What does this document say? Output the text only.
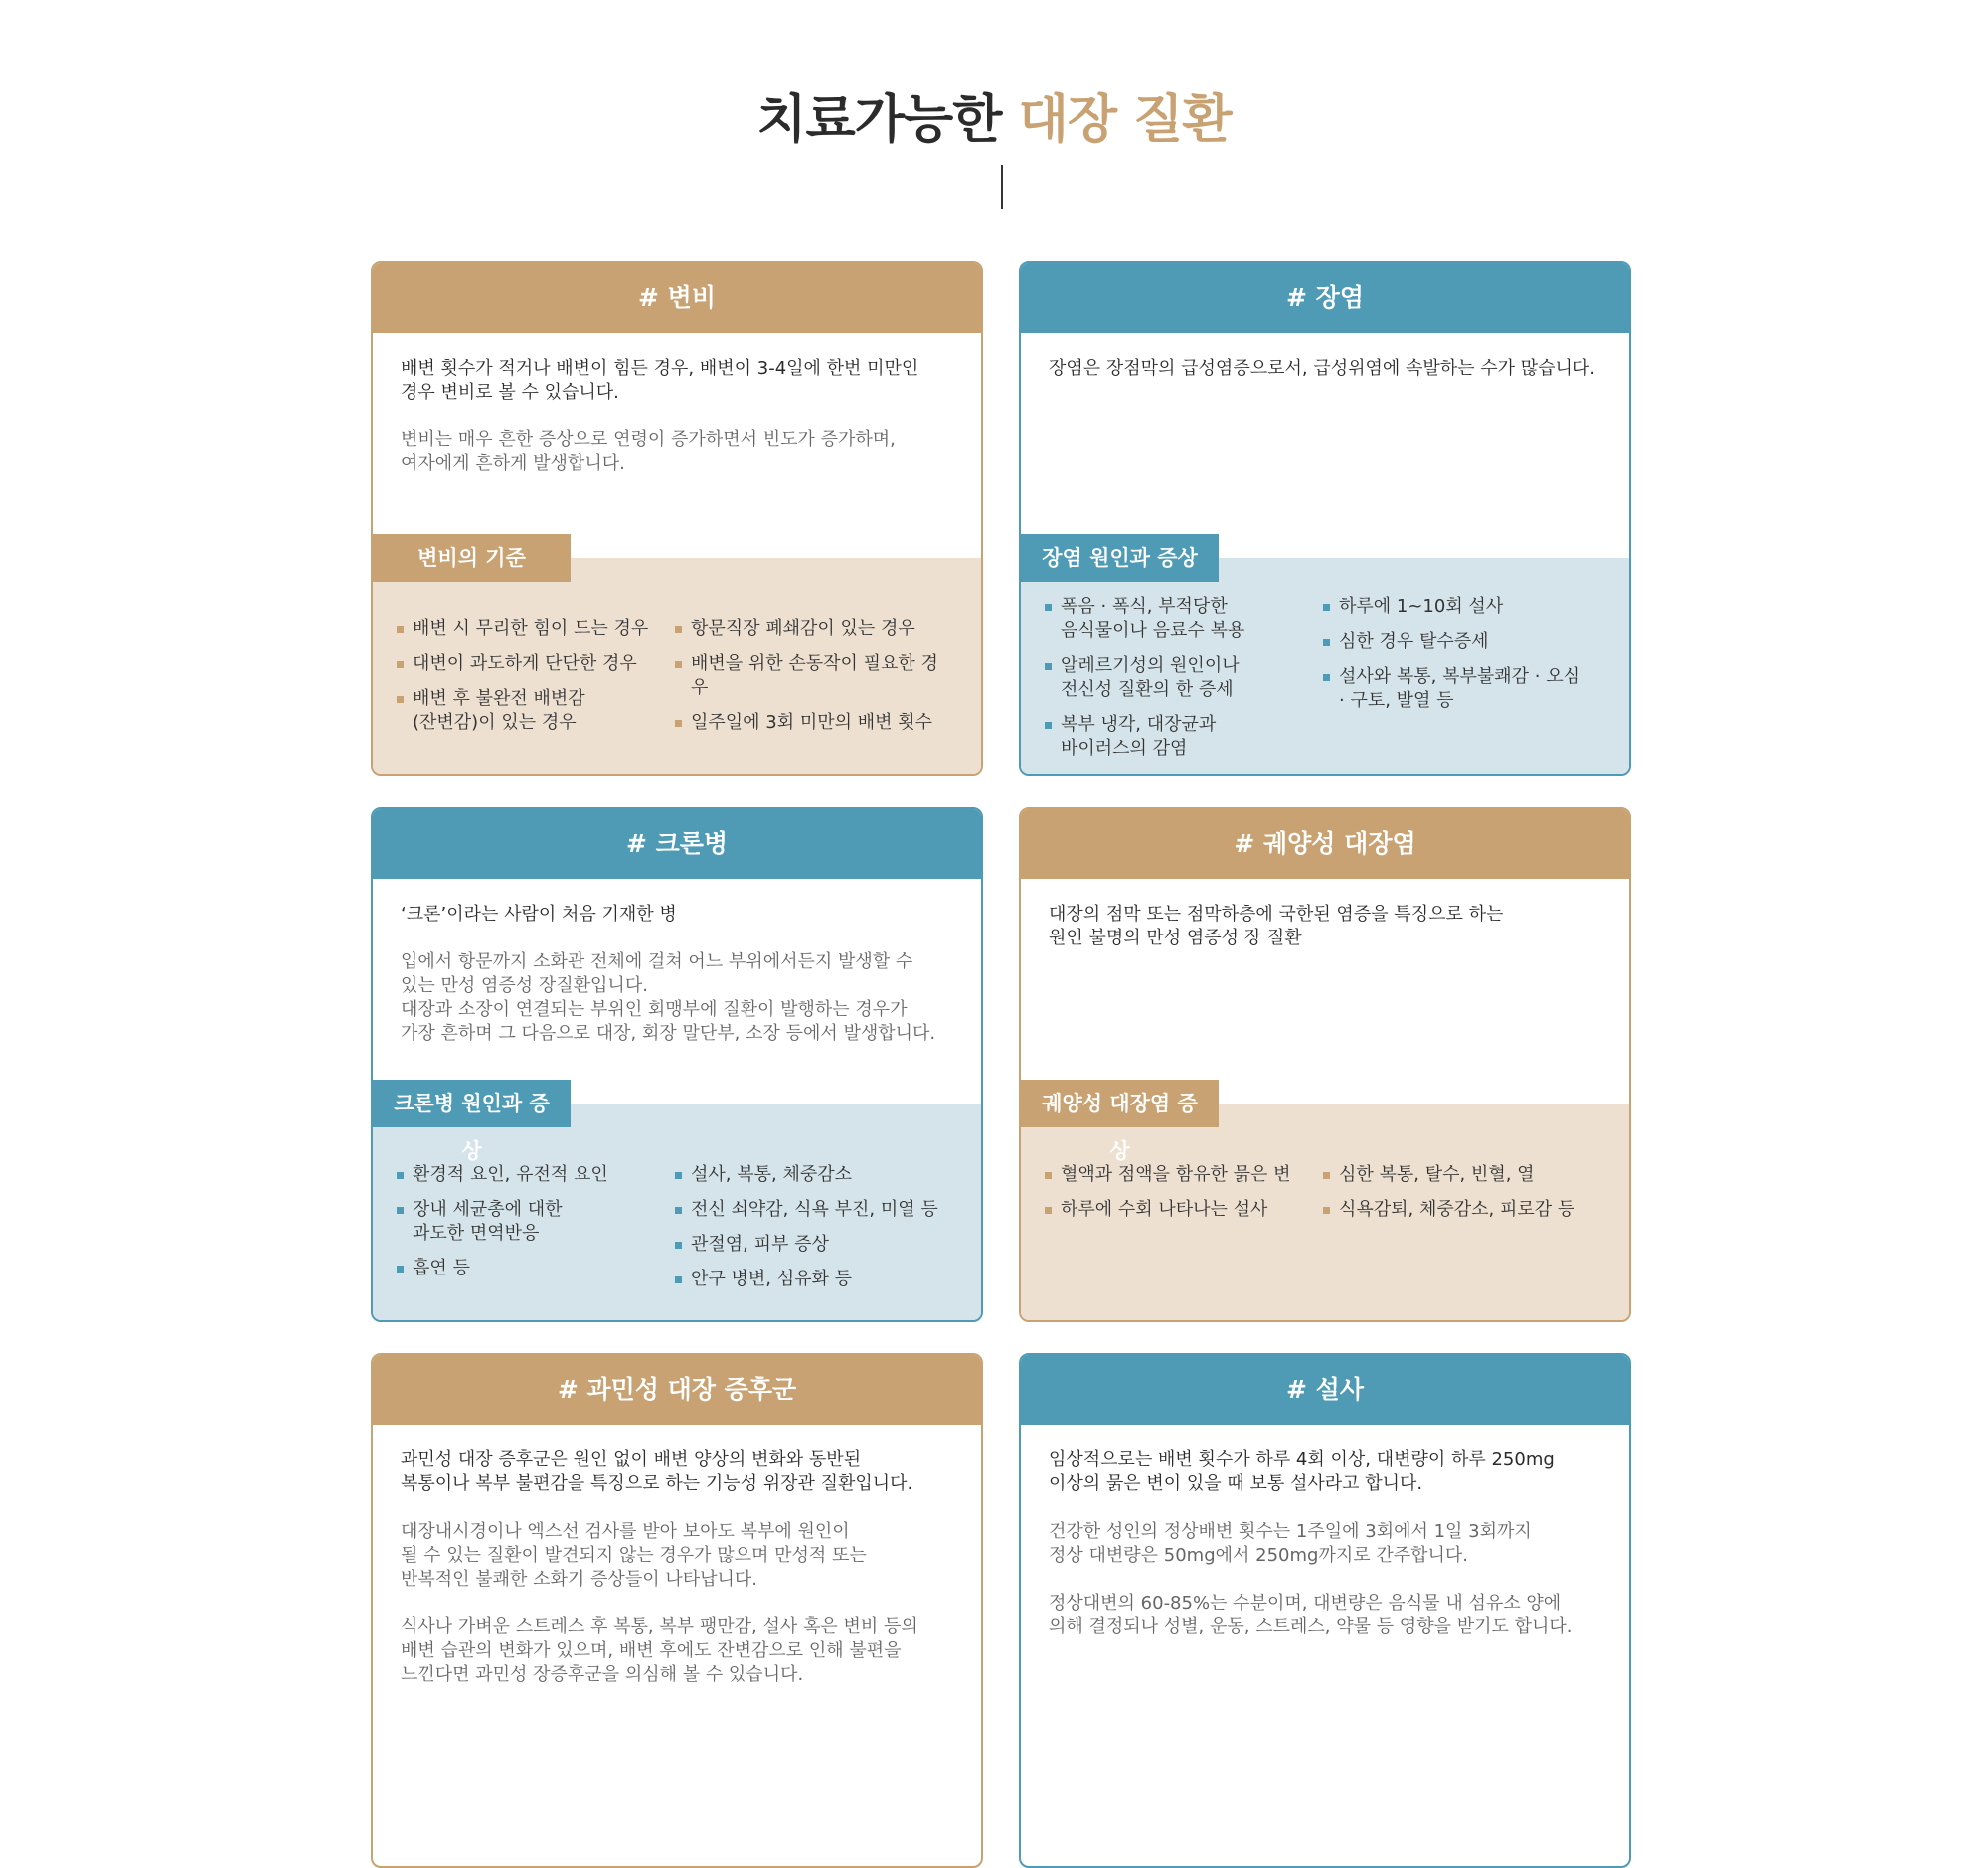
치료가능한 대장 질환
# 변비

배변 횟수가 적거나 배변이 힘든 경우, 배변이 3-4일에 한번 미만인
경우 변비로 볼 수 있습니다.

변비는 매우 흔한 증상으로 연령이 증가하면서 빈도가 증가하며,
여자에게 흔하게 발생합니다.

변비의 기준
배변 시 무리한 힘이 드는 경우
대변이 과도하게 단단한 경우
배변 후 불완전 배변감
(잔변감)이 있는 경우
항문직장 폐쇄감이 있는 경우
배변을 위한 손동작이 필요한 경우
일주일에 3회 미만의 배변 횟수
# 장염

장염은 장점막의 급성염증으로서, 급성위염에 속발하는 수가 많습니다.

장염 원인과 증상
폭음 · 폭식, 부적당한
음식물이나 음료수 복용
알레르기성의 원인이나
전신성 질환의 한 증세
복부 냉각, 대장균과
바이러스의 감염
하루에 1~10회 설사
심한 경우 탈수증세
설사와 복통, 복부불쾌감 · 오심
· 구토, 발열 등
# 크론병

‘크론’이라는 사람이 처음 기재한 병

입에서 항문까지 소화관 전체에 걸쳐 어느 부위에서든지 발생할 수
있는 만성 염증성 장질환입니다.
대장과 소장이 연결되는 부위인 회맹부에 질환이 발행하는 경우가
가장 흔하며 그 다음으로 대장, 회장 말단부, 소장 등에서 발생합니다.

크론병 원인과 증상
환경적 요인, 유전적 요인
장내 세균총에 대한
과도한 면역반응
흡연 등
설사, 복통, 체중감소
전신 쇠약감, 식욕 부진, 미열 등
관절염, 피부 증상
안구 병변, 섬유화 등
# 궤양성 대장염

대장의 점막 또는 점막하층에 국한된 염증을 특징으로 하는
원인 불명의 만성 염증성 장 질환

궤양성 대장염 증상
혈액과 점액을 함유한 묽은 변
하루에 수회 나타나는 설사
심한 복통, 탈수, 빈혈, 열
식욕감퇴, 체중감소, 피로감 등
# 과민성 대장 증후군

과민성 대장 증후군은 원인 없이 배변 양상의 변화와 동반된
복통이나 복부 불편감을 특징으로 하는 기능성 위장관 질환입니다.

대장내시경이나 엑스선 검사를 받아 보아도 복부에 원인이
될 수 있는 질환이 발견되지 않는 경우가 많으며 만성적 또는
반복적인 불쾌한 소화기 증상들이 나타납니다.

식사나 가벼운 스트레스 후 복통, 복부 팽만감, 설사 혹은 변비 등의
배변 습관의 변화가 있으며, 배변 후에도 잔변감으로 인해 불편을
느낀다면 과민성 장증후군을 의심해 볼 수 있습니다.

# 설사

임상적으로는 배변 횟수가 하루 4회 이상, 대변량이 하루 250mg
이상의 묽은 변이 있을 때 보통 설사라고 합니다.

건강한 성인의 정상배변 횟수는 1주일에 3회에서 1일 3회까지
정상 대변량은 50mg에서 250mg까지로 간주합니다.

정상대변의 60-85%는 수분이며, 대변량은 음식물 내 섬유소 양에
의해 결정되나 성별, 운동, 스트레스, 약물 등 영향을 받기도 합니다.
